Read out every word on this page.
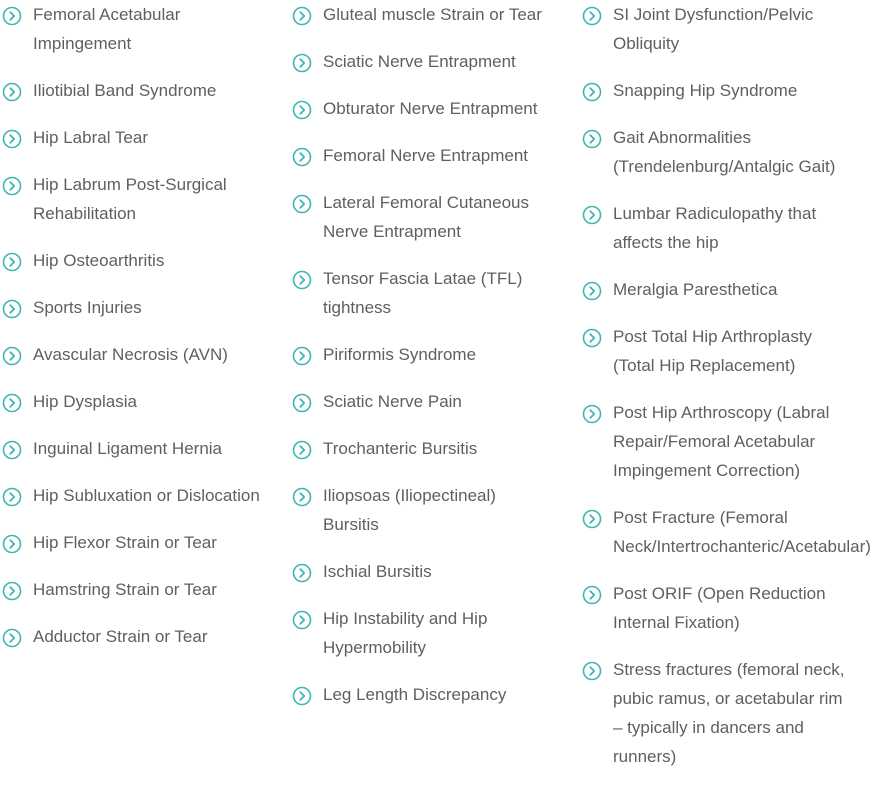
Femoral Acetabular
Impingement
Iliotibial Band Syndrome
Hip Labral Tear
Hip Labrum Post-Surgical
Rehabilitation
Hip Osteoarthritis
Sports Injuries
Avascular Necrosis (AVN)
Hip Dysplasia
Inguinal Ligament Hernia
Hip Subluxation or Dislocation
Hip Flexor Strain or Tear
Hamstring Strain or Tear
Adductor Strain or Tear
Gluteal muscle Strain or Tear
Sciatic Nerve Entrapment
Obturator Nerve Entrapment
Femoral Nerve Entrapment
Lateral Femoral Cutaneous
Nerve Entrapment
Tensor Fascia Latae (TFL)
tightness
Piriformis Syndrome
Sciatic Nerve Pain
Trochanteric Bursitis
Iliopsoas (Iliopectineal)
Bursitis
Ischial Bursitis
Hip Instability and Hip
Hypermobility
Leg Length Discrepancy
SI Joint Dysfunction/Pelvic
Obliquity
Snapping Hip Syndrome
Gait Abnormalities
(Trendelenburg/Antalgic Gait)
Lumbar Radiculopathy that
affects the hip
Meralgia Paresthetica
Post Total Hip Arthroplasty
(Total Hip Replacement)
Post Hip Arthroscopy (Labral
Repair/Femoral Acetabular
Impingement Correction)
Post Fracture (Femoral
Neck/Intertrochanteric/Acetabular)
Post ORIF (Open Reduction
Internal Fixation)
Stress fractures (femoral neck,
pubic ramus, or acetabular rim
– typically in dancers and
runners)
